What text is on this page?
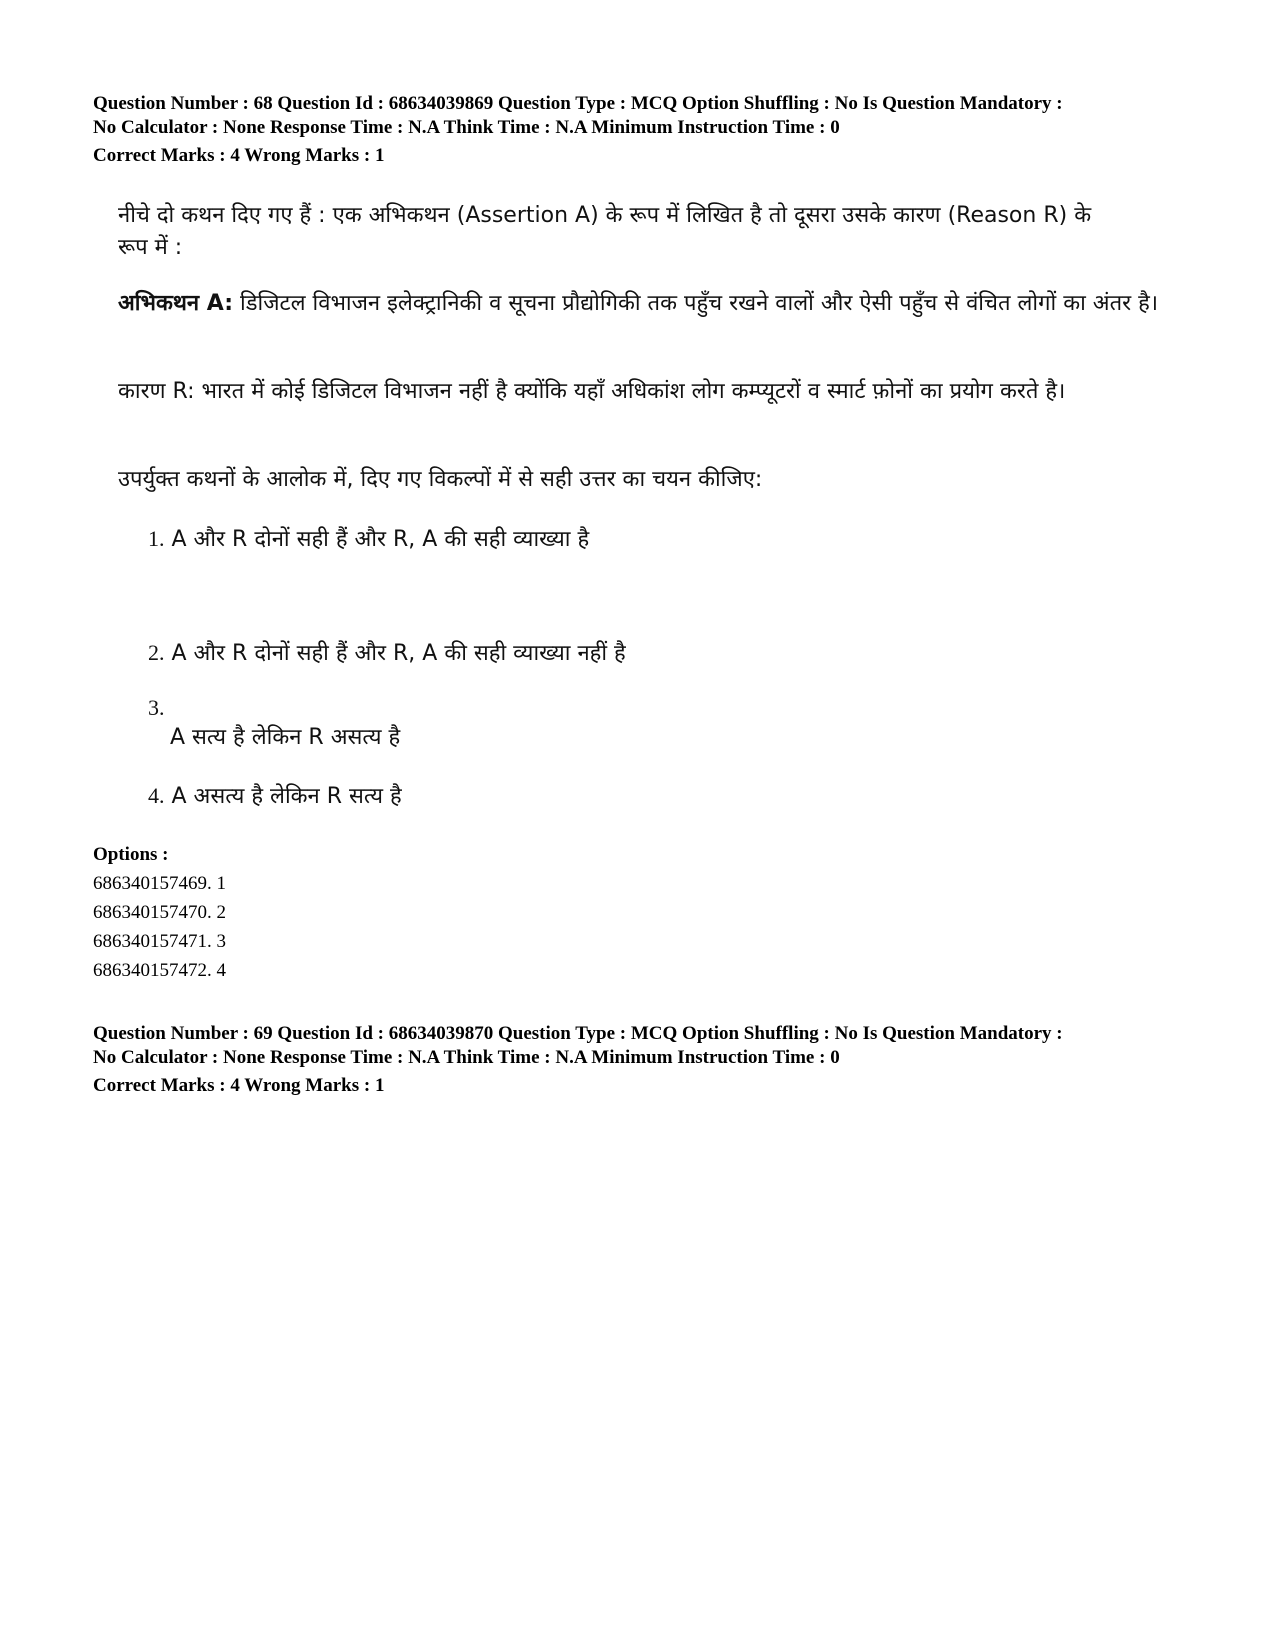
Question Number : 68 Question Id : 68634039869 Question Type : MCQ Option Shuffling : No Is Question Mandatory :
No Calculator : None Response Time : N.A Think Time : N.A Minimum Instruction Time : 0
Correct Marks : 4 Wrong Marks : 1

नीचे दो कथन दिए गए हैं : एक अभिकथन (Assertion A) के रूप में लिखित है तो दूसरा उसके कारण (Reason R) के
रूप में :

अभिकथन A: डिजिटल विभाजन इलेक्ट्रानिकी व सूचना प्रौद्योगिकी तक पहुँच रखने वालों और ऐसी पहुँच से वंचित लोगों का अंतर है।

कारण R: भारत में कोई डिजिटल विभाजन नहीं है क्योंकि यहाँ अधिकांश लोग कम्प्यूटरों व स्मार्ट फ़ोनों का प्रयोग करते है।

उपर्युक्त कथनों के आलोक में, दिए गए विकल्पों में से सही उत्तर का चयन कीजिए:

1. A और R दोनों सही हैं और R, A की सही व्याख्या है
2. A और R दोनों सही हैं और R, A की सही व्याख्या नहीं है
3.
A सत्य है लेकिन R असत्य है
4. A असत्य है लेकिन R सत्य है
Options :
686340157469. 1
686340157470. 2
686340157471. 3
686340157472. 4
Question Number : 69 Question Id : 68634039870 Question Type : MCQ Option Shuffling : No Is Question Mandatory :
No Calculator : None Response Time : N.A Think Time : N.A Minimum Instruction Time : 0
Correct Marks : 4 Wrong Marks : 1
